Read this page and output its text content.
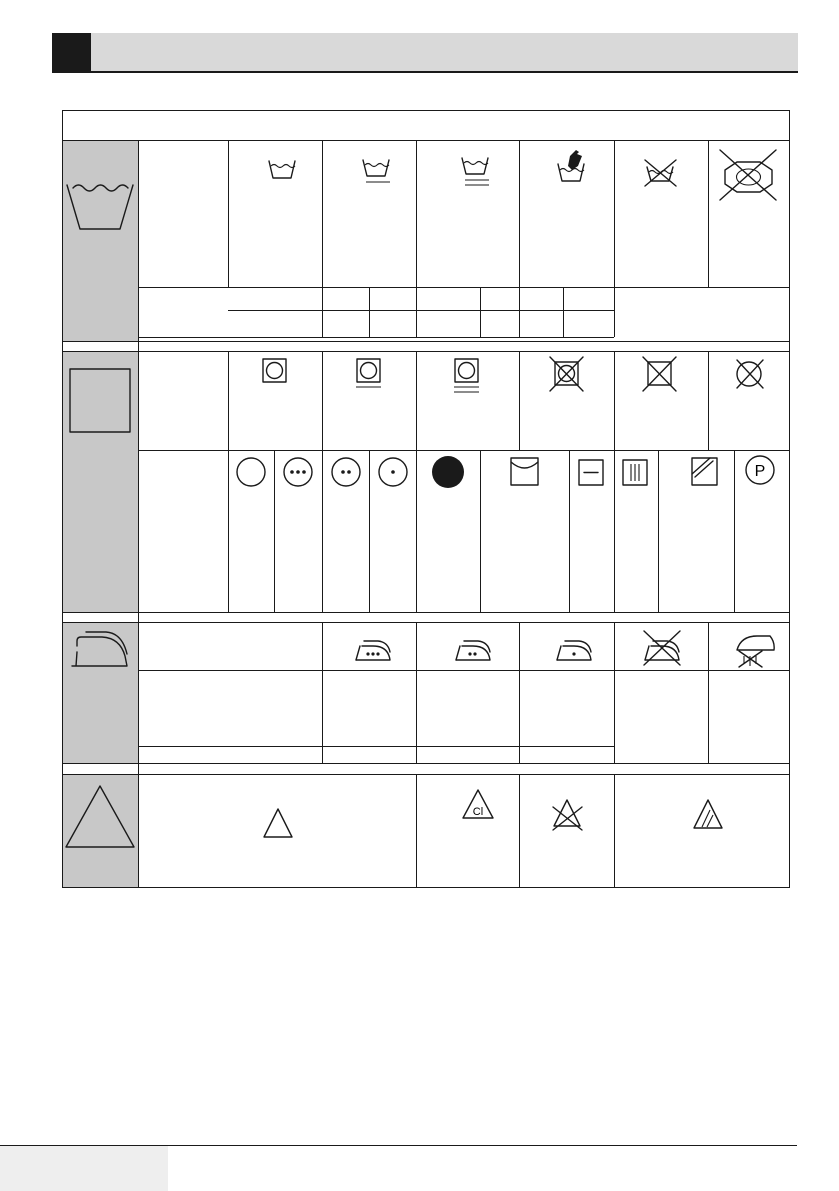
P
Cl
